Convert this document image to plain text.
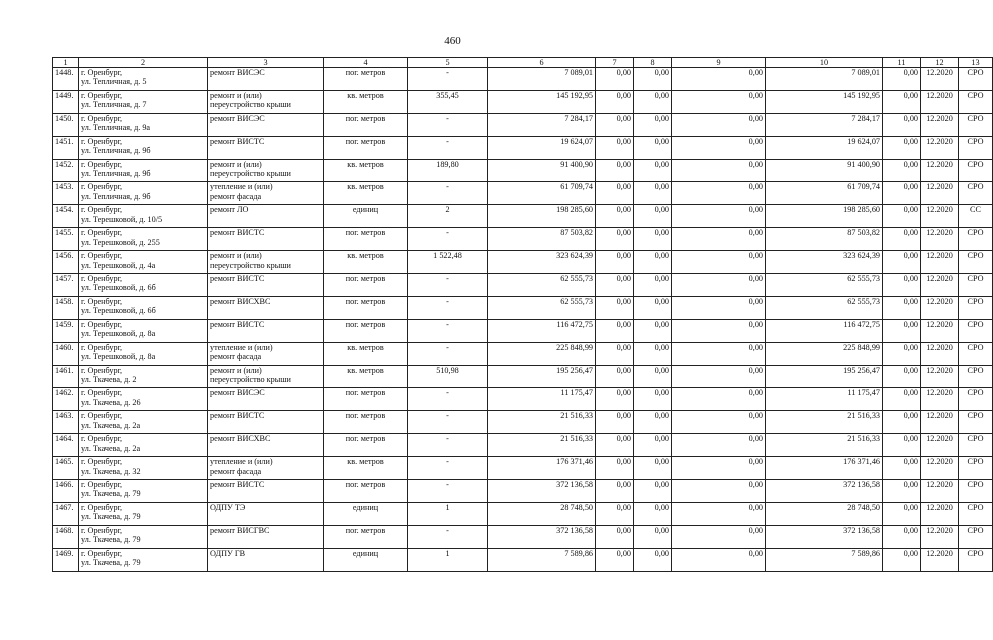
460
1	2	3	4	5	6	7	8	9	10	11	12	13
1448.	г. Оренбург,
ул. Тепличная, д. 5	ремонт ВИСЭС	пог. метров	-	7 089,01	0,00	0,00	0,00	7 089,01	0,00	12.2020	СРО
1449.	г. Оренбург,
ул. Тепличная, д. 7	ремонт и (или)
переустройство крыши	кв. метров	355,45	145 192,95	0,00	0,00	0,00	145 192,95	0,00	12.2020	СРО
1450.	г. Оренбург,
ул. Тепличная, д. 9а	ремонт ВИСЭС	пог. метров	-	7 284,17	0,00	0,00	0,00	7 284,17	0,00	12.2020	СРО
1451.	г. Оренбург,
ул. Тепличная, д. 9б	ремонт ВИСТС	пог. метров	-	19 624,07	0,00	0,00	0,00	19 624,07	0,00	12.2020	СРО
1452.	г. Оренбург,
ул. Тепличная, д. 9б	ремонт и (или)
переустройство крыши	кв. метров	189,80	91 400,90	0,00	0,00	0,00	91 400,90	0,00	12.2020	СРО
1453.	г. Оренбург,
ул. Тепличная, д. 9б	утепление и (или)
ремонт фасада	кв. метров	-	61 709,74	0,00	0,00	0,00	61 709,74	0,00	12.2020	СРО
1454.	г. Оренбург,
ул. Терешковой, д. 10/5	ремонт ЛО	единиц	2	198 285,60	0,00	0,00	0,00	198 285,60	0,00	12.2020	СС
1455.	г. Оренбург,
ул. Терешковой, д. 255	ремонт ВИСТС	пог. метров	-	87 503,82	0,00	0,00	0,00	87 503,82	0,00	12.2020	СРО
1456.	г. Оренбург,
ул. Терешковой, д. 4а	ремонт и (или)
переустройство крыши	кв. метров	1 522,48	323 624,39	0,00	0,00	0,00	323 624,39	0,00	12.2020	СРО
1457.	г. Оренбург,
ул. Терешковой, д. 6б	ремонт ВИСТС	пог. метров	-	62 555,73	0,00	0,00	0,00	62 555,73	0,00	12.2020	СРО
1458.	г. Оренбург,
ул. Терешковой, д. 6б	ремонт ВИСХВС	пог. метров	-	62 555,73	0,00	0,00	0,00	62 555,73	0,00	12.2020	СРО
1459.	г. Оренбург,
ул. Терешковой, д. 8а	ремонт ВИСТС	пог. метров	-	116 472,75	0,00	0,00	0,00	116 472,75	0,00	12.2020	СРО
1460.	г. Оренбург,
ул. Терешковой, д. 8а	утепление и (или)
ремонт фасада	кв. метров	-	225 848,99	0,00	0,00	0,00	225 848,99	0,00	12.2020	СРО
1461.	г. Оренбург,
ул. Ткачева, д. 2	ремонт и (или)
переустройство крыши	кв. метров	510,98	195 256,47	0,00	0,00	0,00	195 256,47	0,00	12.2020	СРО
1462.	г. Оренбург,
ул. Ткачева, д. 26	ремонт ВИСЭС	пог. метров	-	11 175,47	0,00	0,00	0,00	11 175,47	0,00	12.2020	СРО
1463.	г. Оренбург,
ул. Ткачева, д. 2а	ремонт ВИСТС	пог. метров	-	21 516,33	0,00	0,00	0,00	21 516,33	0,00	12.2020	СРО
1464.	г. Оренбург,
ул. Ткачева, д. 2а	ремонт ВИСХВС	пог. метров	-	21 516,33	0,00	0,00	0,00	21 516,33	0,00	12.2020	СРО
1465.	г. Оренбург,
ул. Ткачева, д. 32	утепление и (или)
ремонт фасада	кв. метров	-	176 371,46	0,00	0,00	0,00	176 371,46	0,00	12.2020	СРО
1466.	г. Оренбург,
ул. Ткачева, д. 79	ремонт ВИСТС	пог. метров	-	372 136,58	0,00	0,00	0,00	372 136,58	0,00	12.2020	СРО
1467.	г. Оренбург,
ул. Ткачева, д. 79	ОДПУ ТЭ	единиц	1	28 748,50	0,00	0,00	0,00	28 748,50	0,00	12.2020	СРО
1468.	г. Оренбург,
ул. Ткачева, д. 79	ремонт ВИСГВС	пог. метров	-	372 136,58	0,00	0,00	0,00	372 136,58	0,00	12.2020	СРО
1469.	г. Оренбург,
ул. Ткачева, д. 79	ОДПУ ГВ	единиц	1	7 589,86	0,00	0,00	0,00	7 589,86	0,00	12.2020	СРО
